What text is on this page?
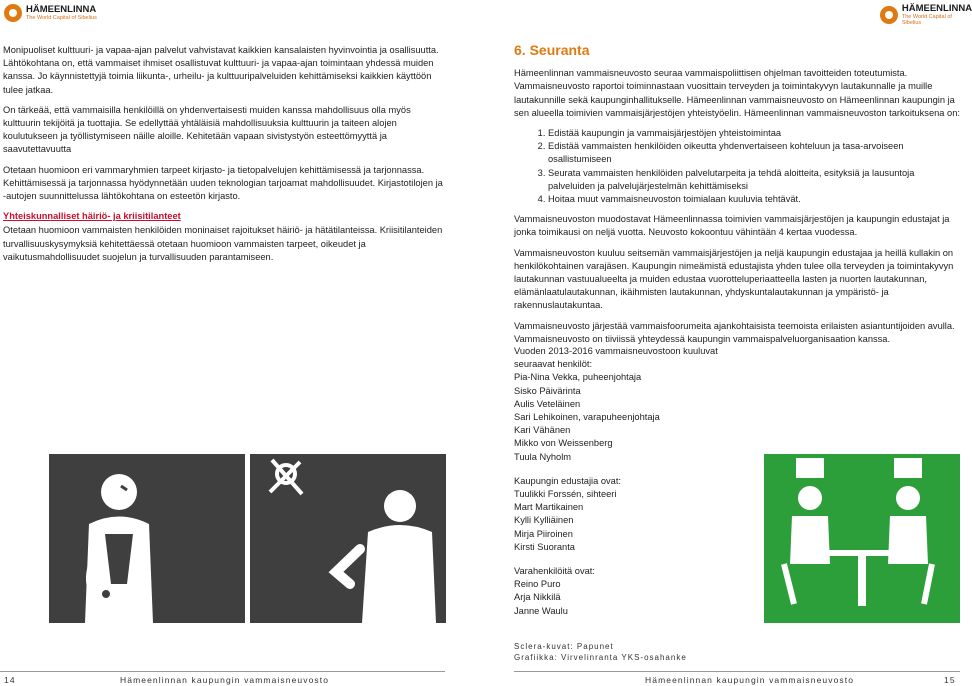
HÄMEENLINNA
The World Capital of Sibelius
HÄMEENLINNA
The World Capital of Sibelius

Monipuoliset kulttuuri- ja vapaa-ajan palvelut vahvistavat kaikkien kansalaisten hyvinvointia ja osallisuutta. Lähtökohtana on, että vammaiset ihmiset osallistuvat kulttuuri- ja vapaa-ajan toimintaan yhdessä muiden kanssa. Jo käynnistettyjä toimia liikunta-, urheilu- ja kulttuuripalveluiden kehittämiseksi kaikkien käyttöön tulee jatkaa.

On tärkeää, että vammaisilla henkilöillä on yhdenvertaisesti muiden kanssa mahdollisuus olla myös kulttuurin tekijöitä ja tuottajia. Se edellyttää yhtäläisiä mahdollisuuksia kulttuurin ja taiteen alojen koulutukseen ja työllistymiseen näille aloille. Kehitetään vapaan sivistystyön esteettömyyttä ja saavutettavuutta

Otetaan huomioon eri vammaryhmien tarpeet kirjasto- ja tietopalvelujen kehittämisessä ja tarjonnassa. Kehittämisessä ja tarjonnassa hyödynnetään uuden teknologian tarjoamat mahdollisuudet. Kirjastotilojen ja -autojen suunnittelussa lähtökohtana on esteetön kirjasto.

Yhteiskunnalliset häiriö- ja kriisitilanteet

Otetaan huomioon vammaisten henkilöiden moninaiset rajoitukset häiriö- ja hätätilanteissa. Kriisitilanteiden turvallisuuskysymyksiä kehitettäessä otetaan huomioon vammaisten tarpeet, oikeudet ja vaikutusmahdollisuudet suojelun ja turvallisuuden parantamiseen.

6. Seuranta

Hämeenlinnan vammaisneuvosto seuraa vammaispoliittisen ohjelman tavoitteiden toteutumista. Vammaisneuvosto raportoi toiminnastaan vuosittain terveyden ja toimintakyvyn lautakunnalle ja muille lautakunnille sekä kaupunginhallitukselle. Hämeenlinnan vammaisneuvosto on Hämeenlinnan kaupungin ja sen alueella toimivien vammaisjärjestöjen yhteistyöelin. Hämeenlinnan vammaisneuvoston tarkoituksena on:

1. Edistää kaupungin ja vammaisjärjestöjen yhteistoimintaa
2. Edistää vammaisten henkilöiden oikeutta yhdenvertaiseen kohteluun ja tasa-arvoiseen osallistumiseen
3. Seurata vammaisten henkilöiden palvelutarpeita ja tehdä aloitteita, esityksiä ja lausuntoja palveluiden ja palvelujärjestelmän kehittämiseksi
4. Hoitaa muut vammaisneuvoston toimialaan kuuluvia tehtävät.

Vammaisneuvoston muodostavat Hämeenlinnassa toimivien vammaisjärjestöjen ja kaupungin edustajat ja jonka toimikausi on neljä vuotta. Neuvosto kokoontuu vähintään 4 kertaa vuodessa.

Vammaisneuvoston kuuluu seitsemän vammaisjärjestöjen ja neljä kaupungin edustajaa ja heillä kullakin on henkilökohtainen varajäsen. Kaupungin nimeämistä edustajista yhden tulee olla terveyden ja toimintakyvyn lautakunnan vastuualueelta ja muiden edustaa vuorotteluperiaatteella lasten ja nuorten lautakunnan, elämänlaatulautakunnan, ikäihmisten lautakunnan, yhdyskuntalautakunnan ja ympäristö- ja rakennuslautakuntaa.

Vammaisneuvosto järjestää vammaisfoorumeita ajankohtaisista teemoista erilaisten asiantuntijoiden avulla. Vammaisneuvosto on tiiviissä yhteydessä kaupungin vammaispalveluorganisaation kanssa.

Vuoden 2013-2016 vammaisneuvostoon kuuluvat seuraavat henkilöt:
Pia-Nina Vekka, puheenjohtaja
Sisko Päivärinta
Aulis Veteläinen
Sari Lehikoinen, varapuheenjohtaja
Kari Vähänen
Mikko von Weissenberg
Tuula Nyholm
Kaupungin edustajia ovat:
Tuulikki Forssén, sihteeri
Mart Martikainen
Kylli Kylliäinen
Mirja Piiroinen
Kirsti Suoranta
Varahenkilöitä ovat:
Reino Puro
Arja Nikkilä
Janne Waulu
Sclera-kuvat: Papunet
Grafiikka: Virvelinranta YKS-osahanke
14	Hämeenlinnan kaupungin vammaisneuvosto	Hämeenlinnan kaupungin vammaisneuvosto	15
